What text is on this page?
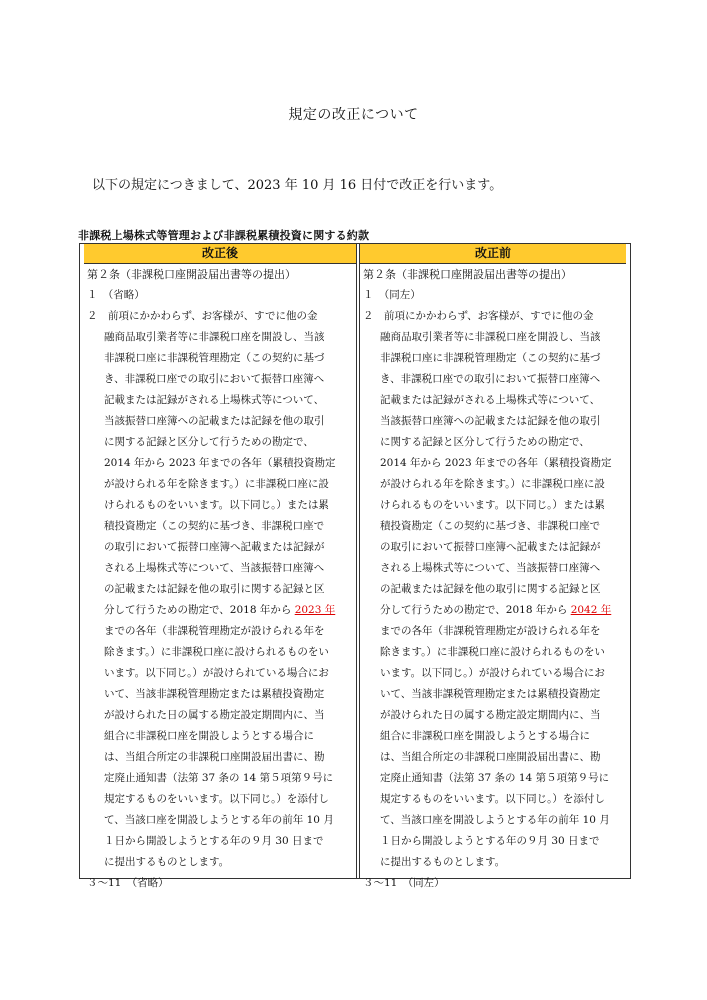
規定の改正について
以下の規定につきまして、2023 年 10 月 16 日付で改正を行います。
非課税上場株式等管理および非課税累積投資に関する約款
改正後
第２条（非課税口座開設届出書等の提出）
１　（省略）
２　前項にかかわらず、お客様が、すでに他の金
融商品取引業者等に非課税口座を開設し、当該
非課税口座に非課税管理勘定（この契約に基づ
き、非課税口座での取引において振替口座簿へ
記載または記録がされる上場株式等について、
当該振替口座簿への記載または記録を他の取引
に関する記録と区分して行うための勘定で、
2014 年から 2023 年までの各年（累積投資勘定
が設けられる年を除きます。）に非課税口座に設
けられるものをいいます。以下同じ。）または累
積投資勘定（この契約に基づき、非課税口座で
の取引において振替口座簿へ記載または記録が
される上場株式等について、当該振替口座簿へ
の記載または記録を他の取引に関する記録と区
分して行うための勘定で、2018 年から 2023 年
までの各年（非課税管理勘定が設けられる年を
除きます。）に非課税口座に設けられるものをい
います。以下同じ。）が設けられている場合にお
いて、当該非課税管理勘定または累積投資勘定
が設けられた日の属する勘定設定期間内に、当
組合に非課税口座を開設しようとする場合に
は、当組合所定の非課税口座開設届出書に、勘
定廃止通知書（法第 37 条の 14 第５項第９号に
規定するものをいいます。以下同じ。）を添付し
て、当該口座を開設しようとする年の前年 10 月
１日から開設しようとする年の９月 30 日まで
に提出するものとします。
３～11　（省略）
改正前
第２条（非課税口座開設届出書等の提出）
１　（同左）
２　前項にかかわらず、お客様が、すでに他の金
融商品取引業者等に非課税口座を開設し、当該
非課税口座に非課税管理勘定（この契約に基づ
き、非課税口座での取引において振替口座簿へ
記載または記録がされる上場株式等について、
当該振替口座簿への記載または記録を他の取引
に関する記録と区分して行うための勘定で、
2014 年から 2023 年までの各年（累積投資勘定
が設けられる年を除きます。）に非課税口座に設
けられるものをいいます。以下同じ。）または累
積投資勘定（この契約に基づき、非課税口座で
の取引において振替口座簿へ記載または記録が
される上場株式等について、当該振替口座簿へ
の記載または記録を他の取引に関する記録と区
分して行うための勘定で、2018 年から 2042 年
までの各年（非課税管理勘定が設けられる年を
除きます。）に非課税口座に設けられるものをい
います。以下同じ。）が設けられている場合にお
いて、当該非課税管理勘定または累積投資勘定
が設けられた日の属する勘定設定期間内に、当
組合に非課税口座を開設しようとする場合に
は、当組合所定の非課税口座開設届出書に、勘
定廃止通知書（法第 37 条の 14 第５項第９号に
規定するものをいいます。以下同じ。）を添付し
て、当該口座を開設しようとする年の前年 10 月
１日から開設しようとする年の９月 30 日まで
に提出するものとします。
３～11　（同左）
